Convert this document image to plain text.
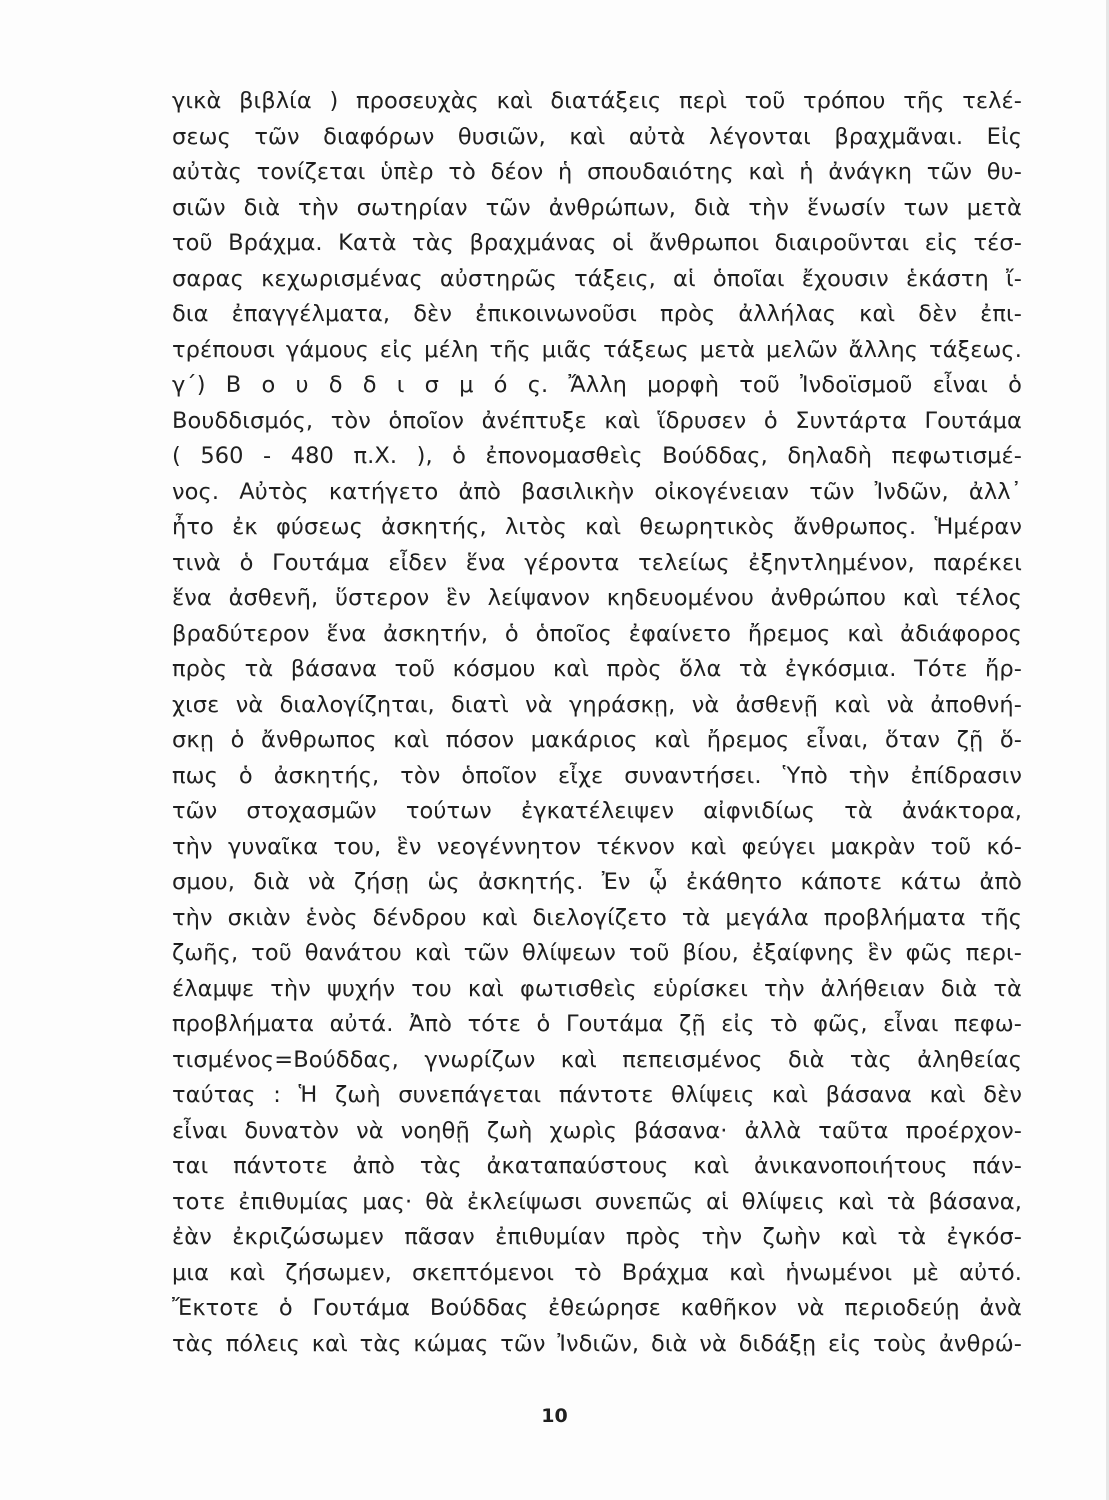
γικὰ βιβλία ) προσευχὰς καὶ διατάξεις περὶ τοῦ τρόπου τῆς τελέ-
σεως τῶν διαφόρων θυσιῶν, καὶ αὐτὰ λέγονται βραχμᾶναι. Εἰς
αὐτὰς τονίζεται ὑπὲρ τὸ δέον ἡ σπουδαιότης καὶ ἡ ἀνάγκη τῶν θυ-
σιῶν διὰ τὴν σωτηρίαν τῶν ἀνθρώπων, διὰ τὴν ἕνωσίν των μετὰ
τοῦ Βράχμα. Κατὰ τὰς βραχμάνας οἱ ἄνθρωποι διαιροῦνται εἰς τέσ-
σαρας κεχωρισμένας αὐστηρῶς τάξεις, αἱ ὁποῖαι ἔχουσιν ἑκάστη ἴ-
δια ἐπαγγέλματα, δὲν ἐπικοινωνοῦσι πρὸς ἀλλήλας καὶ δὲν ἐπι-
τρέπουσι γάμους εἰς μέλη τῆς μιᾶς τάξεως μετὰ μελῶν ἄλλης τάξεως.
γ΄) Β ο υ δ δ ι σ μ ό ς. Ἄλλη μορφὴ τοῦ Ἰνδοϊσμοῦ εἶναι ὁ
Βουδδισμός, τὸν ὁποῖον ἀνέπτυξε καὶ ἵδρυσεν ὁ Συντάρτα Γουτάμα
( 560 - 480 π.Χ. ), ὁ ἐπονομασθεὶς Βούδδας, δηλαδὴ πεφωτισμέ-
νος. Αὐτὸς κατήγετο ἀπὸ βασιλικὴν οἰκογένειαν τῶν Ἰνδῶν, ἀλλ᾽
ἦτο ἐκ φύσεως ἀσκητής, λιτὸς καὶ θεωρητικὸς ἄνθρωπος. Ἡμέραν
τινὰ ὁ Γουτάμα εἶδεν ἕνα γέροντα τελείως ἐξηντλημένον, παρέκει
ἕνα ἀσθενῆ, ὕστερον ἓν λείψανον κηδευομένου ἀνθρώπου καὶ τέλος
βραδύτερον ἕνα ἀσκητήν, ὁ ὁποῖος ἐφαίνετο ἤρεμος καὶ ἀδιάφορος
πρὸς τὰ βάσανα τοῦ κόσμου καὶ πρὸς ὅλα τὰ ἐγκόσμια. Τότε ἤρ-
χισε νὰ διαλογίζηται, διατὶ νὰ γηράσκῃ, νὰ ἀσθενῇ καὶ νὰ ἀποθνή-
σκῃ ὁ ἄνθρωπος καὶ πόσον μακάριος καὶ ἤρεμος εἶναι, ὅταν ζῇ ὅ-
πως ὁ ἀσκητής, τὸν ὁποῖον εἶχε συναντήσει. Ὑπὸ τὴν ἐπίδρασιν
τῶν στοχασμῶν τούτων ἐγκατέλειψεν αἰφνιδίως τὰ ἀνάκτορα,
τὴν γυναῖκα του, ἓν νεογέννητον τέκνον καὶ φεύγει μακρὰν τοῦ κό-
σμου, διὰ νὰ ζήσῃ ὡς ἀσκητής. Ἐν ᾧ ἐκάθητο κάποτε κάτω ἀπὸ
τὴν σκιὰν ἑνὸς δένδρου καὶ διελογίζετο τὰ μεγάλα προβλήματα τῆς
ζωῆς, τοῦ θανάτου καὶ τῶν θλίψεων τοῦ βίου, ἐξαίφνης ἓν φῶς περι-
έλαμψε τὴν ψυχήν του καὶ φωτισθεὶς εὑρίσκει τὴν ἀλήθειαν διὰ τὰ
προβλήματα αὐτά. Ἀπὸ τότε ὁ Γουτάμα ζῇ εἰς τὸ φῶς, εἶναι πεφω-
τισμένος=Βούδδας, γνωρίζων καὶ πεπεισμένος διὰ τὰς ἀληθείας
ταύτας : Ἡ ζωὴ συνεπάγεται πάντοτε θλίψεις καὶ βάσανα καὶ δὲν
εἶναι δυνατὸν νὰ νοηθῇ ζωὴ χωρὶς βάσανα· ἀλλὰ ταῦτα προέρχον-
ται πάντοτε ἀπὸ τὰς ἀκαταπαύστους καὶ ἀνικανοποιήτους πάν-
τοτε ἐπιθυμίας μας· θὰ ἐκλείψωσι συνεπῶς αἱ θλίψεις καὶ τὰ βάσανα,
ἐὰν ἐκριζώσωμεν πᾶσαν ἐπιθυμίαν πρὸς τὴν ζωὴν καὶ τὰ ἐγκόσ-
μια καὶ ζήσωμεν, σκεπτόμενοι τὸ Βράχμα καὶ ἡνωμένοι μὲ αὐτό.
Ἔκτοτε ὁ Γουτάμα Βούδδας ἐθεώρησε καθῆκον νὰ περιοδεύῃ ἀνὰ
τὰς πόλεις καὶ τὰς κώμας τῶν Ἰνδιῶν, διὰ νὰ διδάξῃ εἰς τοὺς ἀνθρώ-
10
